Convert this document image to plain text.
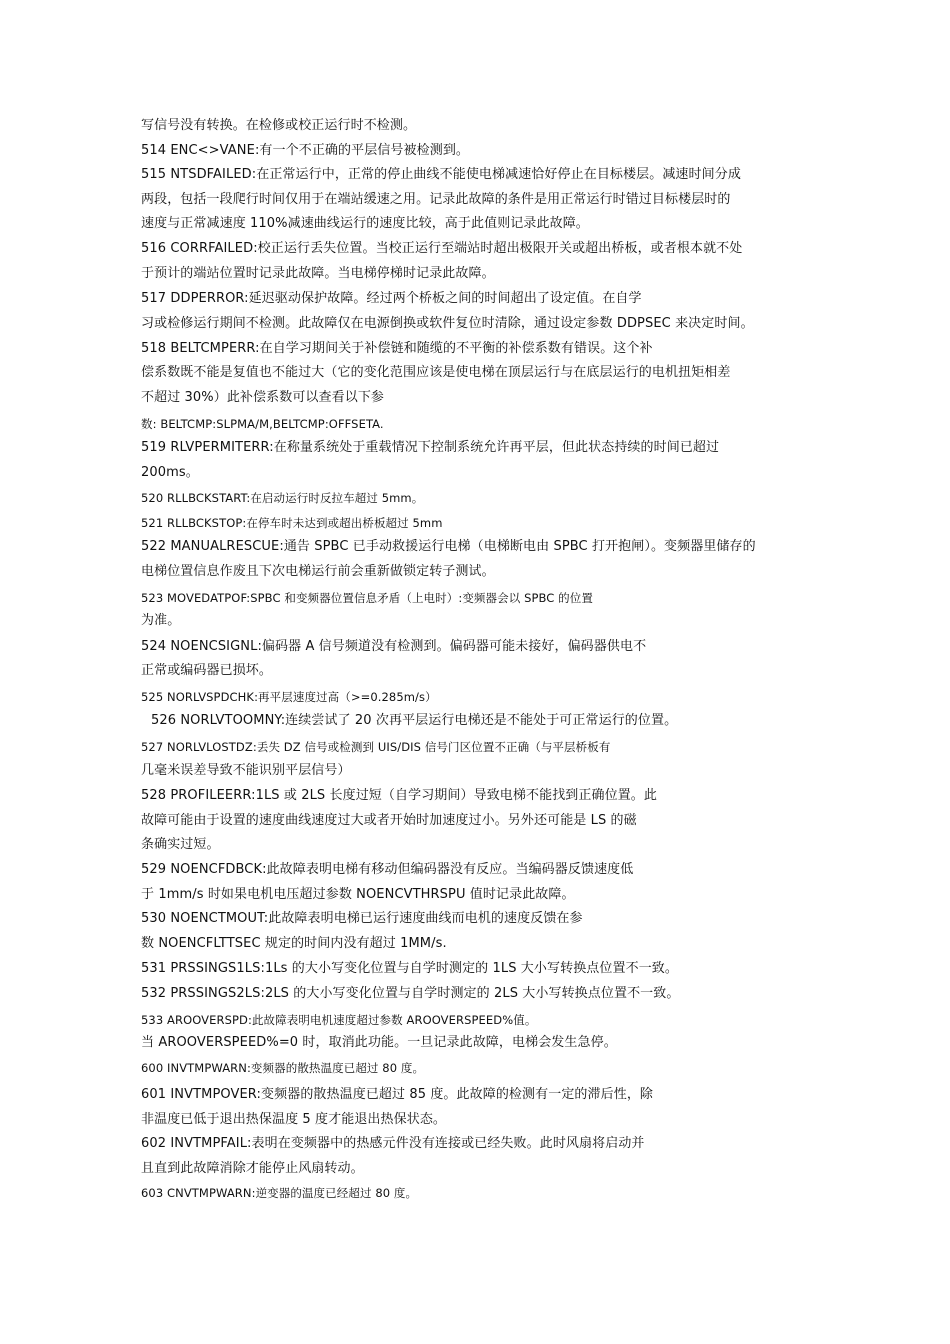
写信号没有转换。在检修或校正运行时不检测。
514 ENC<>VANE:有一个不正确的平层信号被检测到。
515 NTSDFAILED:在正常运行中，正常的停止曲线不能使电梯减速恰好停止在目标楼层。减速时间分成
两段，包括一段爬行时间仅用于在端站缓速之用。记录此故障的条件是用正常运行时错过目标楼层时的
速度与正常减速度 110%减速曲线运行的速度比较，高于此值则记录此故障。
516 CORRFAILED:校正运行丢失位置。当校正运行至端站时超出极限开关或超出桥板，或者根本就不处
于预计的端站位置时记录此故障。当电梯停梯时记录此故障。
517 DDPERROR:延迟驱动保护故障。经过两个桥板之间的时间超出了设定值。在自学
习或检修运行期间不检测。此故障仅在电源倒换或软件复位时清除，通过设定参数 DDPSEC 来决定时间。
518 BELTCMPERR:在自学习期间关于补偿链和随缆的不平衡的补偿系数有错误。这个补
偿系数既不能是复值也不能过大（它的变化范围应该是使电梯在顶层运行与在底层运行的电机扭矩相差
不超过 30%）此补偿系数可以查看以下参
数: BELTCMP:SLPMA/M,BELTCMP:OFFSETA.
519 RLVPERMITERR:在称量系统处于重载情况下控制系统允许再平层，但此状态持续的时间已超过
200ms。
520 RLLBCKSTART:在启动运行时反拉车超过 5mm。
521 RLLBCKSTOP:在停车时未达到或超出桥板超过 5mm
522 MANUALRESCUE:通告 SPBC 已手动救援运行电梯（电梯断电由 SPBC 打开抱闸）。变频器里储存的
电梯位置信息作废且下次电梯运行前会重新做锁定转子测试。
523 MOVEDATPOF:SPBC 和变频器位置信息矛盾（上电时）:变频器会以 SPBC 的位置
为准。
524 NOENCSIGNL:偏码器 A 信号频道没有检测到。偏码器可能未接好，偏码器供电不
正常或编码器已损坏。
525 NORLVSPDCHK:再平层速度过高（>=0.285m/s）
526 NORLVTOOMNY:连续尝试了 20 次再平层运行电梯还是不能处于可正常运行的位置。
527 NORLVLOSTDZ:丢失 DZ 信号或检测到 UIS/DIS 信号门区位置不正确（与平层桥板有
几毫米误差导致不能识别平层信号）
528 PROFILEERR:1LS 或 2LS 长度过短（自学习期间）导致电梯不能找到正确位置。此
故障可能由于设置的速度曲线速度过大或者开始时加速度过小。另外还可能是 LS 的磁
条确实过短。
529 NOENCFDBCK:此故障表明电梯有移动但编码器没有反应。当编码器反馈速度低
于 1mm/s 时如果电机电压超过参数 NOENCVTHRSPU 值时记录此故障。
530 NOENCTMOUT:此故障表明电梯已运行速度曲线而电机的速度反馈在参
数 NOENCFLTTSEC 规定的时间内没有超过 1MM/s.
531 PRSSINGS1LS:1Ls 的大小写变化位置与自学时测定的 1LS 大小写转换点位置不一致。
532 PRSSINGS2LS:2LS 的大小写变化位置与自学时测定的 2LS 大小写转换点位置不一致。
533 AROOVERSPD:此故障表明电机速度超过参数 AROOVERSPEED%值。
当 AROOVERSPEED%=0 时，取消此功能。一旦记录此故障，电梯会发生急停。
600 INVTMPWARN:变频器的散热温度已超过 80 度。
601 INVTMPOVER:变频器的散热温度已超过 85 度。此故障的检测有一定的滞后性，除
非温度已低于退出热保温度 5 度才能退出热保状态。
602 INVTMPFAIL:表明在变频器中的热感元件没有连接或已经失败。此时风扇将启动并
且直到此故障消除才能停止风扇转动。
603 CNVTMPWARN:逆变器的温度已经超过 80 度。
